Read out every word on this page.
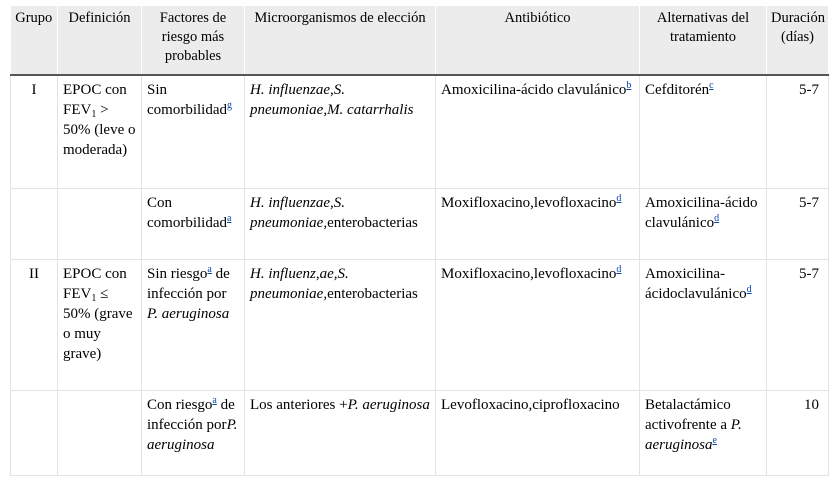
Grupo	Definición	Factores de riesgo más probables	Microorganismos de elección	Antibiótico	Alternativas del tratamiento	Duración (días)
I	EPOC con $FEV_1 > 50\%$ (leve o moderada)	Sin comorbilidad$^g$	H. influenzae,S. pneumoniae,M. catarrhalis	Amoxicilina-ácido clavulánico$^b$	Cefditorén$^c$	5-7
		Con comorbilidad$^a$	H. influenzae,S. pneumoniae,enterobacterias	Moxifloxacino,levofloxacino$^d$	Amoxicilina-ácido clavulánico$^d$	5-7
II	EPOC con $FEV_1 \le 50\%$ (grave o muy grave)	Sin riesgo$^a$ de infección por P. aeruginosa	H. influenz,ae,S. pneumoniae,enterobacterias	Moxifloxacino,levofloxacino$^d$	Amoxicilina-ácidoclavulánico$^d$	5-7
		Con riesgo$^a$ de infección porP. aeruginosa	Los anteriores +P. aeruginosa	Levofloxacino,ciprofloxacino	Betalactámico activofrente a P. aeruginosa$^e$	10
